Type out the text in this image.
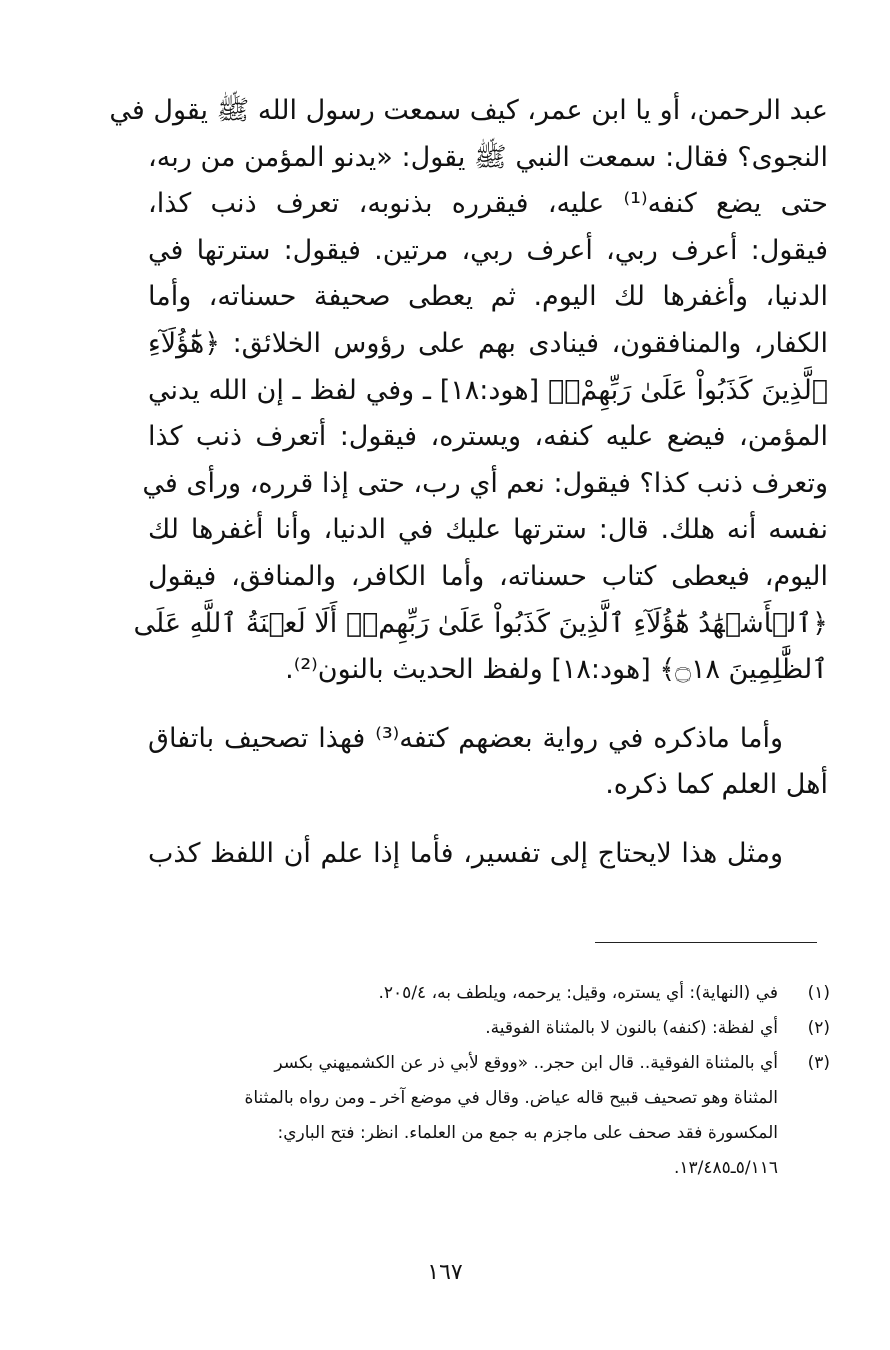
عبد الرحمن، أو يا ابن عمر، كيف سمعت رسول الله ﷺ يقول في
النجوى؟ فقال: سمعت النبي ﷺ يقول: «يدنو المؤمن من ربه،
حتى يضع كنفه⁽¹⁾ عليه، فيقرره بذنوبه، تعرف ذنب كذا،
فيقول: أعرف ربي، أعرف ربي، مرتين. فيقول: سترتها في
الدنيا، وأغفرها لك اليوم. ثم يعطى صحيفة حسناته، وأما
الكفار، والمنافقون، فينادى بهم على رؤوس الخلائق: ﴿هَٰٓؤُلَآءِ
ٱلَّذِينَ كَذَبُواْ عَلَىٰ رَبِّهِمْۚ﴾ [هود:١٨] ـ وفي لفظ ـ إن الله يدني
المؤمن، فيضع عليه كنفه، ويستره، فيقول: أتعرف ذنب كذا
وتعرف ذنب كذا؟ فيقول: نعم أي رب، حتى إذا قرره، ورأى في
نفسه أنه هلك. قال: سترتها عليك في الدنيا، وأنا أغفرها لك
اليوم، فيعطى كتاب حسناته، وأما الكافر، والمنافق، فيقول
﴿ٱلۡأَشۡهَٰدُ هَٰٓؤُلَآءِ ٱلَّذِينَ كَذَبُواْ عَلَىٰ رَبِّهِمۡۚ أَلَا لَعۡنَةُ ٱللَّهِ عَلَى
ٱلظَّٰلِمِينَ ۝١٨﴾ [هود:١٨] ولفظ الحديث بالنون⁽²⁾.
وأما ماذكره في رواية بعضهم كتفه⁽³⁾ فهذا تصحيف باتفاق
أهل العلم كما ذكره.
ومثل هذا لايحتاج إلى تفسير، فأما إذا علم أن اللفظ كذب
(١)
في (النهاية): أي يستره، وقيل: يرحمه، ويلطف به، ٢٠٥/٤.
(٢)
أي لفظة: (كنفه) بالنون لا بالمثناة الفوقية.
(٣)
أي بالمثناة الفوقية.. قال ابن حجر.. «ووقع لأبي ذر عن الكشميهني بكسر
المثناة وهو تصحيف قبيح قاله عياض. وقال في موضع آخر ـ ومن رواه بالمثناة
المكسورة فقد صحف على ماجزم به جمع من العلماء. انظر: فتح الباري:
٥/١١٦ـ١٣/٤٨٥.
١٦٧
